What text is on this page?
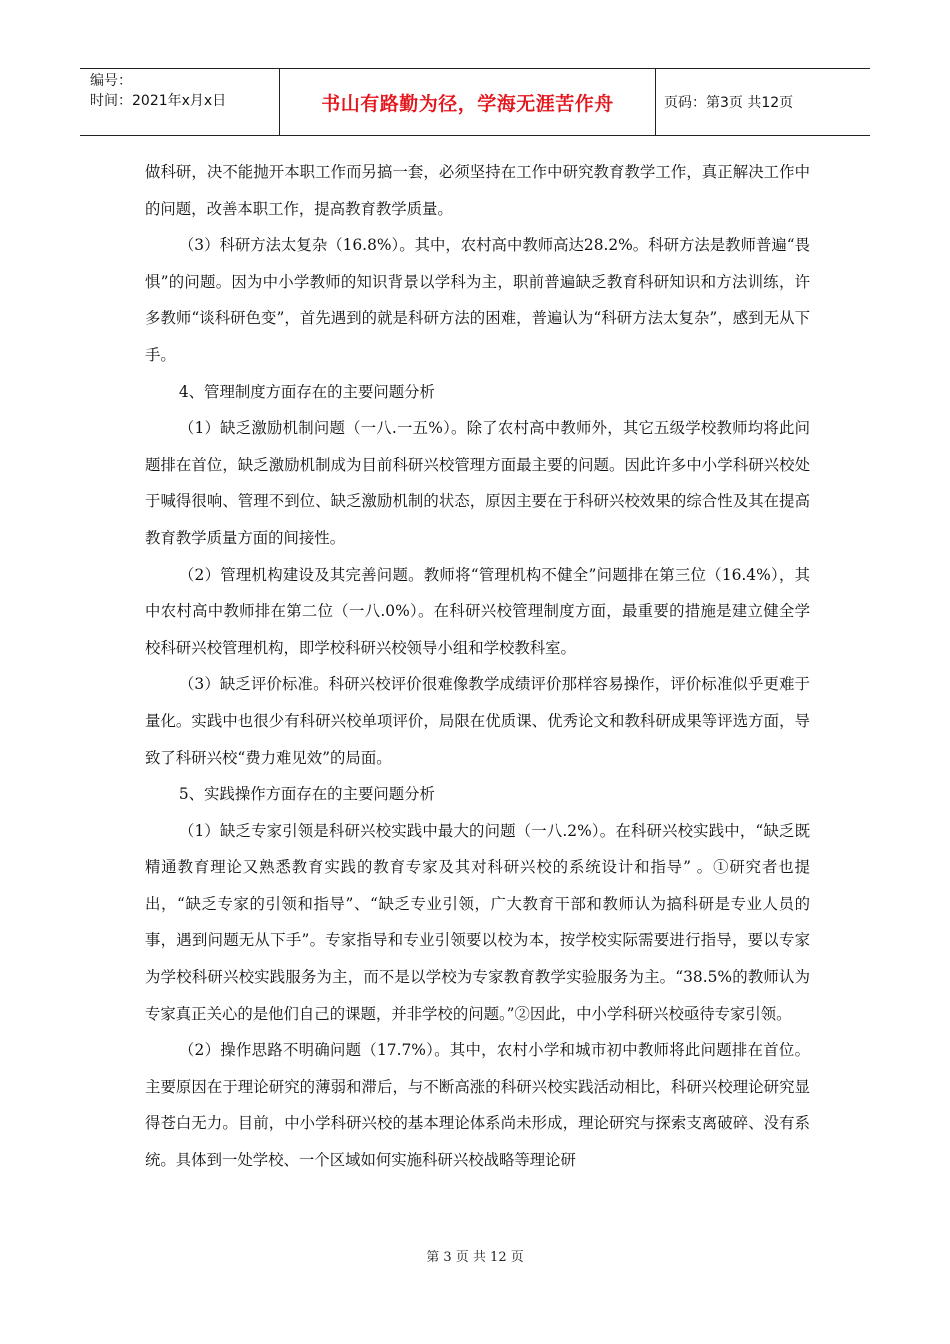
编号：
时间：2021年x月x日	书山有路勤为径，学海无涯苦作舟	页码：第3页 共12页

做科研，决不能抛开本职工作而另搞一套，必须坚持在工作中研究教育教学工作，真正解决工作中的问题，改善本职工作，提高教育教学质量。

（3）科研方法太复杂（16.8%）。其中，农村高中教师高达28.2%。科研方法是教师普遍“畏惧”的问题。因为中小学教师的知识背景以学科为主，职前普遍缺乏教育科研知识和方法训练，许多教师“谈科研色变”，首先遇到的就是科研方法的困难，普遍认为“科研方法太复杂”，感到无从下手。

4、管理制度方面存在的主要问题分析

（1）缺乏激励机制问题（一八.一五%）。除了农村高中教师外，其它五级学校教师均将此问题排在首位，缺乏激励机制成为目前科研兴校管理方面最主要的问题。因此许多中小学科研兴校处于喊得很响、管理不到位、缺乏激励机制的状态，原因主要在于科研兴校效果的综合性及其在提高教育教学质量方面的间接性。

（2）管理机构建设及其完善问题。教师将“管理机构不健全”问题排在第三位（16.4%），其中农村高中教师排在第二位（一八.0%）。在科研兴校管理制度方面，最重要的措施是建立健全学校科研兴校管理机构，即学校科研兴校领导小组和学校教科室。

（3）缺乏评价标准。科研兴校评价很难像教学成绩评价那样容易操作，评价标准似乎更难于量化。实践中也很少有科研兴校单项评价，局限在优质课、优秀论文和教科研成果等评选方面，导致了科研兴校“费力难见效”的局面。

5、实践操作方面存在的主要问题分析

（1）缺乏专家引领是科研兴校实践中最大的问题（一八.2%）。在科研兴校实践中，“缺乏既精通教育理论又熟悉教育实践的教育专家及其对科研兴校的系统设计和指导” 。①研究者也提出，“缺乏专家的引领和指导”、“缺乏专业引领，广大教育干部和教师认为搞科研是专业人员的事，遇到问题无从下手”。专家指导和专业引领要以校为本，按学校实际需要进行指导，要以专家为学校科研兴校实践服务为主，而不是以学校为专家教育教学实验服务为主。“38.5%的教师认为专家真正关心的是他们自己的课题，并非学校的问题。”②因此，中小学科研兴校亟待专家引领。

（2）操作思路不明确问题（17.7%）。其中，农村小学和城市初中教师将此问题排在首位。主要原因在于理论研究的薄弱和滞后，与不断高涨的科研兴校实践活动相比，科研兴校理论研究显得苍白无力。目前，中小学科研兴校的基本理论体系尚未形成，理论研究与探索支离破碎、没有系统。具体到一处学校、一个区域如何实施科研兴校战略等理论研

第 3 页 共 12 页
